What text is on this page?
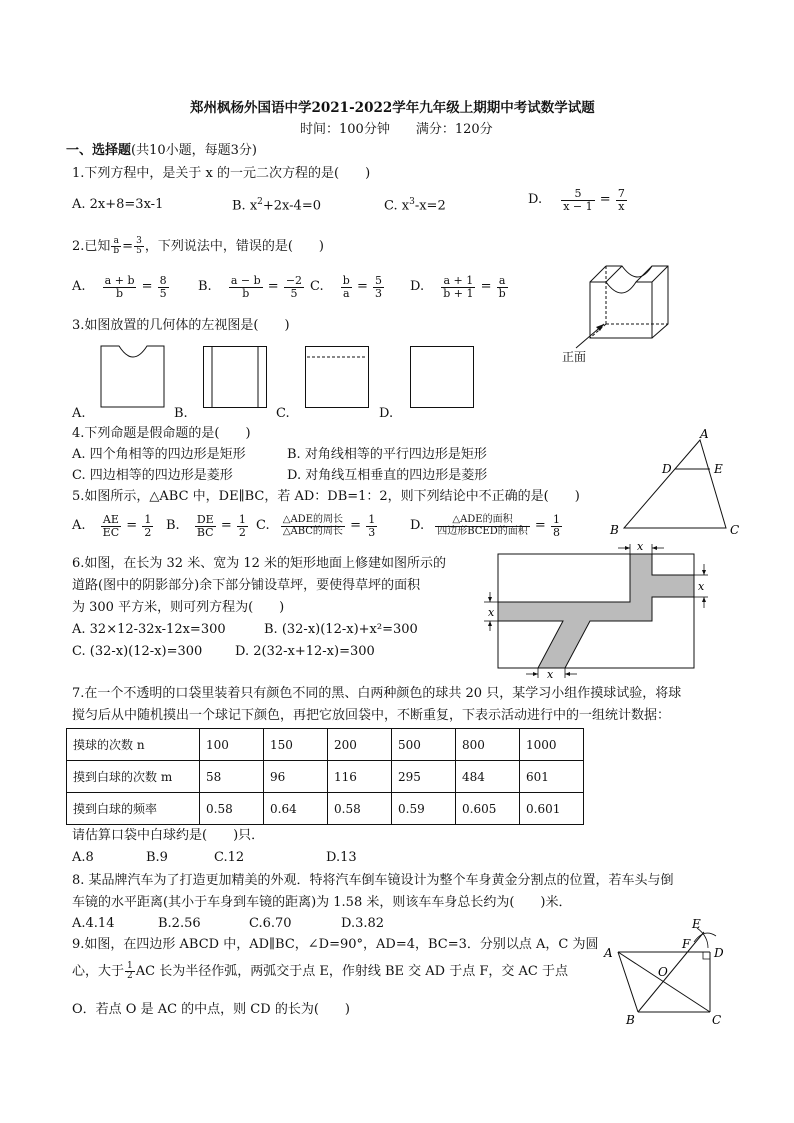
郑州枫杨外国语中学2021-2022学年九年级上期期中考试数学试题
时间：100分钟　　满分：120分
一、选择题(共10小题，每题3分)
1.下列方程中，是关于 x 的一元二次方程的是(　　)
A. 2x+8=3x-1	B. $x^2+2x-4=0$	C. $x^3-x=2$	D. $\frac{5}{x - 1} = \frac{7}{x}$
2.已知 $\frac{a}{b} = \frac{3}{5}$ ，下列说法中，错误的是(　　)
A. $\frac{a + b}{b} = \frac{8}{5} B$. $\frac{a - b}{b} = \frac{-2}{5} C$. $\frac{b}{a} = \frac{5}{3} D$. $\frac{a + 1}{b + 1} = \frac{a}{b}$
正面
3.如图放置的几何体的左视图是(　　)
A.	B.	C.	D.
4.下列命题是假命题的是(　　)
A. 四个角相等的四边形是矩形	B. 对角线相等的平行四边形是矩形
C. 四边相等的四边形是菱形	D. 对角线互相垂直的四边形是菱形
A
D	E
B	C
5.如图所示，△ABC 中，DE∥BC，若 AD：DB=1：2，则下列结论中不正确的是(　　)
A. $\frac{AE}{EC} = \frac{1}{2} B$. $\frac{DE}{BC} = \frac{1}{2} C$. $\frac{\text{△ADE的周长}}{\text{△ABC的周长}} = \frac{1}{3}$	D. $\frac{\text{△ADE的面积}}{\text{四边形BCED的面积}} = \frac{1}{8}$
x
x
x
x
6.如图，在长为 32 米、宽为 12 米的矩形地面上修建如图所示的
道路(图中的阴影部分)余下部分铺设草坪，要使得草坪的面积
为 300 平方米，则可列方程为(　　)
A. 32×12-32x-12x=300	B. (32-x)(12-x)+x²=300
C. (32-x)(12-x)=300	D. 2(32-x+12-x)=300
7.在一个不透明的口袋里装着只有颜色不同的黑、白两种颜色的球共 20 只，某学习小组作摸球试验，将球
搅匀后从中随机摸出一个球记下颜色，再把它放回袋中，不断重复，下表示活动进行中的一组统计数据：
摸球的次数 n	100	150	200	500	800	1000
摸到白球的次数 m	58	96	116	295	484	601
摸到白球的频率	0.58	0.64	0.58	0.59	0.605	0.601
请估算口袋中白球约是(　　)只．
A.8	B.9	C.12	D.13
8. 某品牌汽车为了打造更加精美的外观．特将汽车倒车镜设计为整个车身黄金分割点的位置，若车头与倒
车镜的水平距离(其小于车身到车镜的距离)为 1.58 米，则该车车身总长约为(　　)米．
A.4.14	B.2.56	C.6.70	D.3.82	E
F
D
A
O
B	C
9.如图，在四边形 ABCD 中，AD∥BC，∠D=90°，AD=4，BC=3．分别以点 A，C 为圆
心，大于 $\frac{1}{2}$ AC 长为半径作弧，两弧交于点 E，作射线 BE 交 AD 于点 F，交 AC 于点
O．若点 O 是 AC 的中点，则 CD 的长为(　　)
